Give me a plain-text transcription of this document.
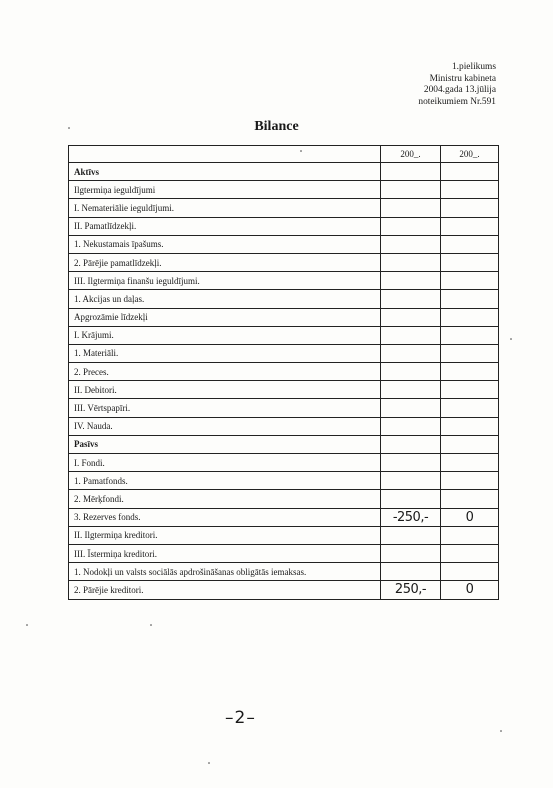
1.pielikums
Ministru kabineta
2004.gada 13.jūlija
noteikumiem Nr.591
Bilance
	200_.	200_.
Aktīvs		
Ilgtermiņa ieguldījumi		
I. Nemateriālie ieguldījumi.		
II. Pamatlīdzekļi.		
1. Nekustamais īpašums.		
2. Pārējie pamatlīdzekļi.		
III. Ilgtermiņa finanšu ieguldījumi.		
1. Akcijas un daļas.		
Apgrozāmie līdzekļi		
I. Krājumi.		
1. Materiāli.		
2. Preces.		
II. Debitori.		
III. Vērtspapīri.		
IV. Nauda.		
Pasīvs		
I. Fondi.		
1. Pamatfonds.		
2. Mērķfondi.		
3. Rezerves fonds.	-250,-	0
II. Ilgtermiņa kreditori.		
III. Īstermiņa kreditori.		
1. Nodokļi un valsts sociālās apdrošināšanas obligātās iemaksas.		
2. Pārējie kreditori.	250,-	0
–2–
